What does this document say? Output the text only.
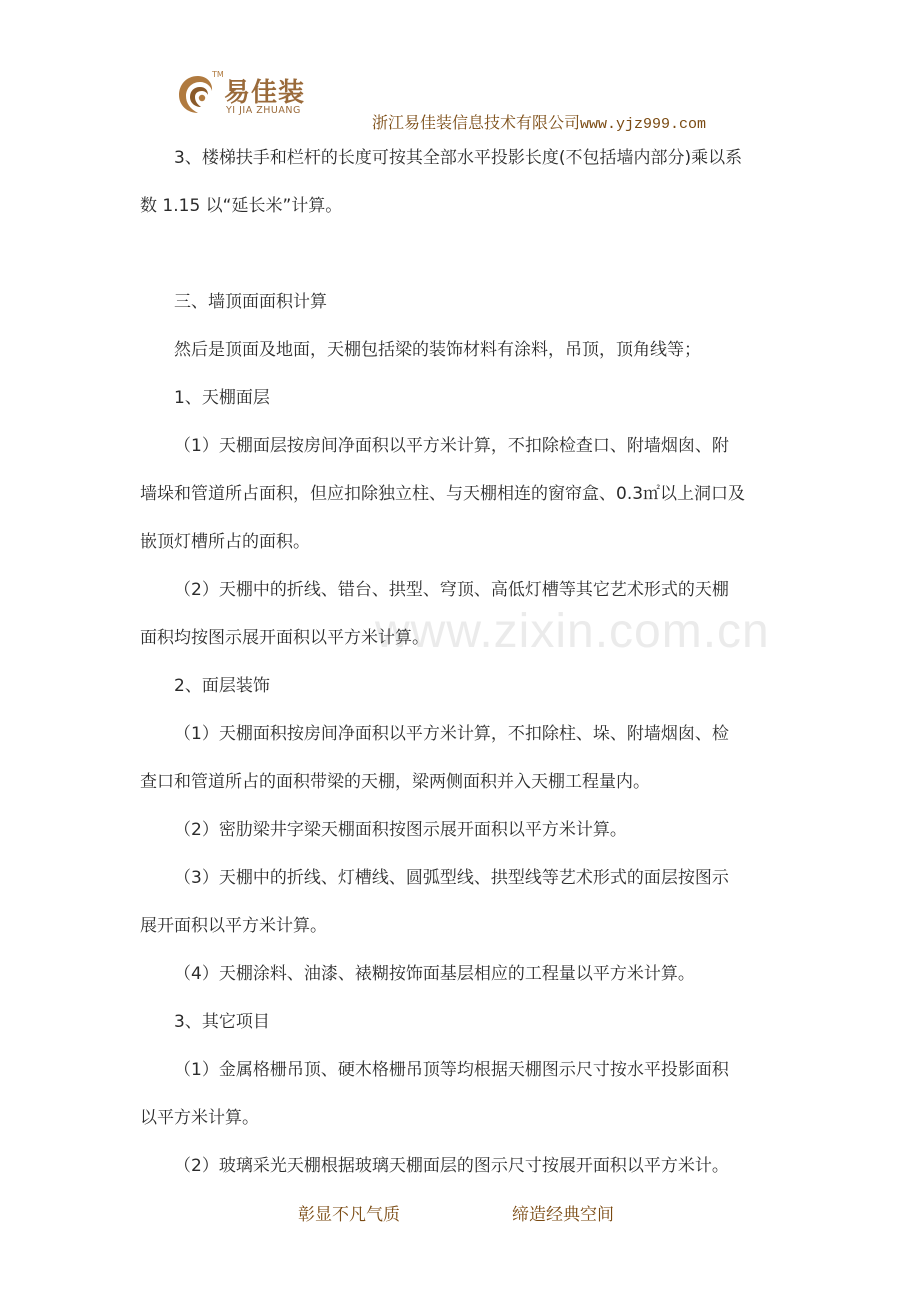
TM
易佳装
YI JIA ZHUANG
浙江易佳装信息技术有限公司www.yjz999.com
www.zixin.com.cn
3、楼梯扶手和栏杆的长度可按其全部水平投影长度(不包括墙内部分)乘以系
数 1.15 以“延长米”计算。
三、墙顶面面积计算
然后是顶面及地面，天棚包括梁的装饰材料有涂料，吊顶，顶角线等；
1、天棚面层
（1）天棚面层按房间净面积以平方米计算，不扣除检查口、附墙烟囱、附
墙垛和管道所占面积，但应扣除独立柱、与天棚相连的窗帘盒、0.3㎡以上洞口及
嵌顶灯槽所占的面积。
（2）天棚中的折线、错台、拱型、穹顶、高低灯槽等其它艺术形式的天棚
面积均按图示展开面积以平方米计算。
2、面层装饰
（1）天棚面积按房间净面积以平方米计算，不扣除柱、垛、附墙烟囱、检
查口和管道所占的面积带梁的天棚，梁两侧面积并入天棚工程量内。
（2）密肋梁井字梁天棚面积按图示展开面积以平方米计算。
（3）天棚中的折线、灯槽线、圆弧型线、拱型线等艺术形式的面层按图示
展开面积以平方米计算。
（4）天棚涂料、油漆、裱糊按饰面基层相应的工程量以平方米计算。
3、其它项目
（1）金属格栅吊顶、硬木格栅吊顶等均根据天棚图示尺寸按水平投影面积
以平方米计算。
（2）玻璃采光天棚根据玻璃天棚面层的图示尺寸按展开面积以平方米计。
彰显不凡气质	缔造经典空间
